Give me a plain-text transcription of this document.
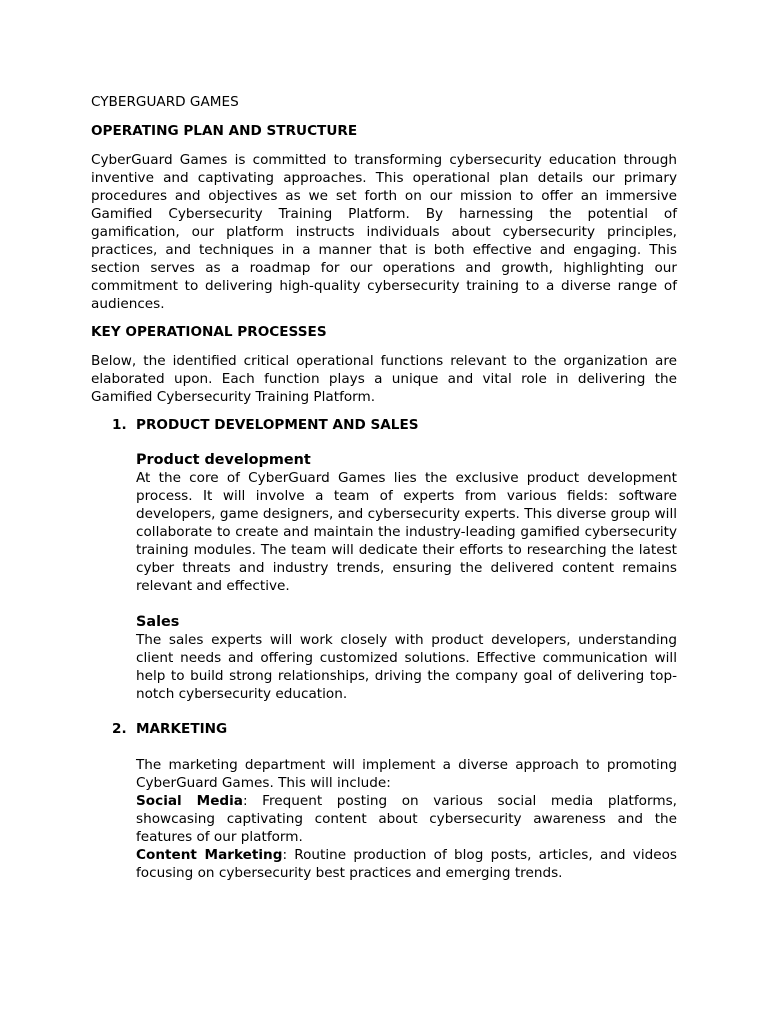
CYBERGUARD GAMES

OPERATING PLAN AND STRUCTURE

CyberGuard Games is committed to transforming cybersecurity education through inventive and captivating approaches. This operational plan details our primary procedures and objectives as we set forth on our mission to offer an immersive Gamified Cybersecurity Training Platform. By harnessing the potential of gamification, our platform instructs individuals about cybersecurity principles, practices, and techniques in a manner that is both effective and engaging. This section serves as a roadmap for our operations and growth, highlighting our commitment to delivering high-quality cybersecurity training to a diverse range of audiences.

KEY OPERATIONAL PROCESSES

Below, the identified critical operational functions relevant to the organization are elaborated upon. Each function plays a unique and vital role in delivering the Gamified Cybersecurity Training Platform.

1. PRODUCT DEVELOPMENT AND SALES

Product development

At the core of CyberGuard Games lies the exclusive product development process. It will involve a team of experts from various fields: software developers, game designers, and cybersecurity experts. This diverse group will collaborate to create and maintain the industry-leading gamified cybersecurity training modules. The team will dedicate their efforts to researching the latest cyber threats and industry trends, ensuring the delivered content remains relevant and effective.

Sales

The sales experts will work closely with product developers, understanding client needs and offering customized solutions. Effective communication will help to build strong relationships, driving the company goal of delivering top-notch cybersecurity education.

2. MARKETING

The marketing department will implement a diverse approach to promoting CyberGuard Games. This will include:

Social Media: Frequent posting on various social media platforms, showcasing captivating content about cybersecurity awareness and the features of our platform.

Content Marketing: Routine production of blog posts, articles, and videos focusing on cybersecurity best practices and emerging trends.
